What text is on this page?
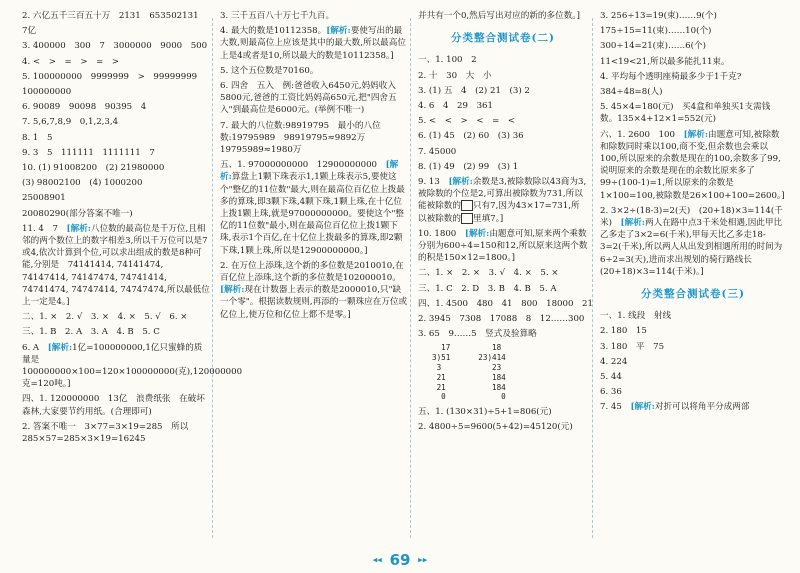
2. 六亿五千三百五十万　2131　653502131

7亿

3. 400000　300　7　3000000　9000　500

4. <　>　=　>　=　>

5. 100000000　9999999　>　99999999

100000000

6. 90089　90098　90395　4

7. 5,6,7,8,9　0,1,2,3,4

8. 1　5

9. 3　5　111111　1111111　7

10. (1) 91008200　(2) 21980000

(3) 98002100　(4) 1000200

25008901

20080290(部分答案不唯一)

11. 4　7　[解析:八位数的最高位是千万位,且相邻的两个数位上的数字相差3,所以千万位可以是7或4,依次计算到个位,可以求出组成的数是8种可能,分别是　74141414, 74141474, 74147414, 74147474, 74741414, 74741474, 74747414, 74747474,所以最低位上一定是4。]

二、1. ×　2. √　3. ×　4. ×　5. √　6. ×

三、1. B　2. A　3. A　4. B　5. C

6. A　[解析:1亿=100000000,1亿只蜜蜂的质量是100000000×100=120×100000000(克),120000000克=120吨。]

四、1. 120000000　13亿　浪费纸张　在破坏森林,大家要节约用纸。(合理即可)

2. 答案不唯一　3×77=3×19=285　所以285×57=285×3×19=16245

3. 三千五百八十万七千九百。

4. 最大的数是10112358。[解析:要使写出的最大数,则最高位上应该是其中的最大数,所以最高位上是4或者是10,所以最大的数是10112358。]

5. 这个五位数是70160。

6. 四舍　五入　例:爸爸收入6450元,妈妈收入5800元,爸爸的工资比妈妈高650元,把"四舍五入"到最高位是6000元。(举例不唯一)

7. 最大的八位数:98919795　最小的八位数:19795989　98919795≈9892万　19795989≈1980万

五、1. 97000000000　12900000000　[解析:算盘上1颗下珠表示1,1颗上珠表示5,要使这个"整亿的11位数"最大,则在最高位百亿位上拨最多的算珠,即3颗下珠,4颗下珠,1颗上珠,在十亿位上拨1颗上珠,就是97000000000。要使这个"整亿的11位数"最小,则在最高位百亿位上拨1颗下珠,表示1个百亿,在十亿位上拨最多的算珠,即2颗下珠,1颗上珠,所以是12900000000。]

2. 在万位上添珠,这个新的多位数是2010010,在百亿位上添珠,这个新的多位数是102000010。[解析:现在计数器上表示的数是2000010,只"缺一个零"。根据读数规则,再添的一颗珠应在万位或亿位上,使万位和亿位上都不是零。]

并共有一个0,然后写出对应的新的多位数。]

分类整合测试卷(二)

一、1. 100　2

2. 十　30　大　小

3. (1) 五　4　(2) 21　(3) 2

4. 6　4　29　361

5. <　<　>　<　=　<

6. (1) 45　(2) 60　(3) 36

7. 45000

8. (1) 49　(2) 99　(3) 1

9. 13　[解析:余数是3,被除数除以43商为3,被除数的个位是2,可算出被除数为731,所以能被除数的 只有7,因为43×17=731,所以被除数的 里填7。]

10. 1800　[解析:由题意可知,原来两个乘数分别为600÷4=150和12,所以原来这两个数的积是150×12=1800。]

二、1. ×　2. ×　3. √　4. ×　5. ×

三、1. C　2. D　3. B　4. B　5. A

四、1. 4500　480　41　800　18000　21

2. 3945　7308　17088　8　12……300

3. 65　9……5　竖式及验算略

17
3)51
3
21
21
0
18
23)414
23
184
184
0

五、1. (130×31)÷5+1=806(元)

2. 4800÷5=9600(5+42)=45120(元)

3. 256÷13=19(束)……9(个)

175÷15=11(束)……10(个)

300÷14=21(束)……6(个)

11<19<21,所以最多能扎11束。

4. 平均每个透明座椅最多少于1千克?

384÷48=8(人)

5. 45×4=180(元)　买4盒和单独买1支需钱数。135×4+12×1=552(元)

六、1. 2600　100　[解析:由题意可知,被除数和除数同时乘以100,商不变,但余数也会乘以100,所以原来的余数是现在的100,余数多了99,说明原来的余数是现在的余数比原来多了99÷(100-1)=1,所以原来的余数是1×100=100,被除数是26×100+100=2600。]

2. 3×2÷(18-3)=2(天)　(20+18)×3=114(千米)　[解析:两人在路中点3千米处相遇,因此甲比乙多走了3×2=6(千米),甲每天比乙多走18-3=2(千米),所以两人从出发到相遇所用的时间为6÷2=3(天),进而求出规划的骑行路线长(20+18)×3=114(千米)。]

分类整合测试卷(三)

一、1. 线段　射线

2. 180　15

3. 180　平　75

4. 224

5. 44

6. 36

7. 45　[解析:对折可以将角平分成两部

◂◂ 69 ▸▸
